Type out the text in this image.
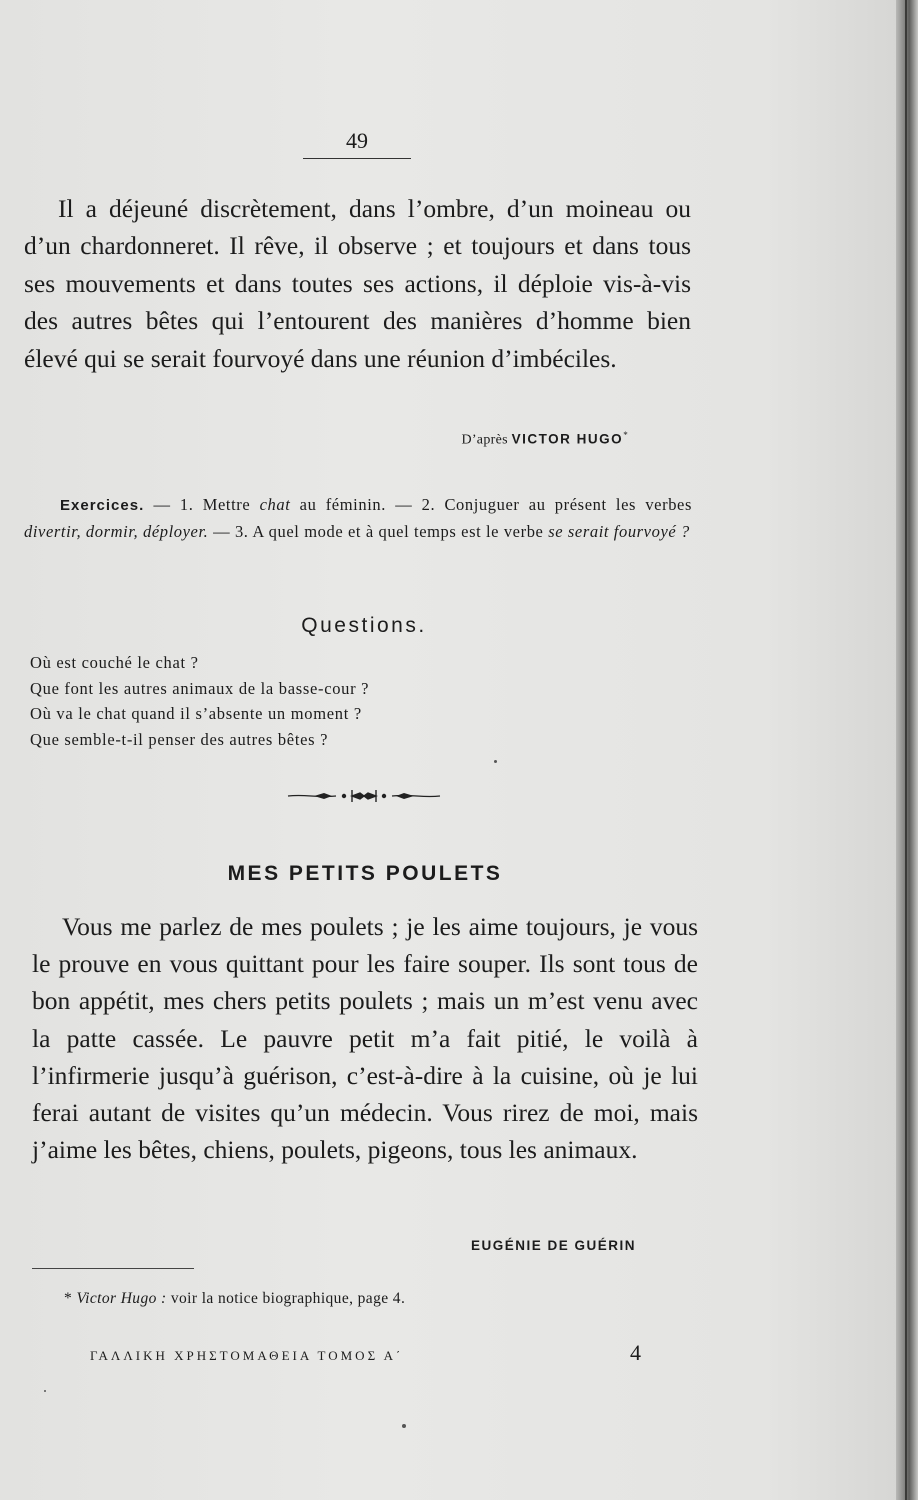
49
Il a déjeuné discrètement, dans l’ombre, d’un moineau ou d’un chardonneret. Il rêve, il observe ; et toujours et dans tous ses mouvements et dans toutes ses actions, il déploie vis-à-vis des autres bêtes qui l’entourent des manières d’homme bien élevé qui se serait fourvoyé dans une réunion d’imbéciles.
D’après VICTOR HUGO*
Exercices. — 1. Mettre chat au féminin. — 2. Conjuguer au présent les verbes divertir, dormir, déployer. — 3. A quel mode et à quel temps est le verbe se serait fourvoyé ?
Questions.
Où est couché le chat ?
Que font les autres animaux de la basse-cour ?
Où va le chat quand il s’absente un moment ?
Que semble-t-il penser des autres bêtes ?
MES PETITS POULETS
Vous me parlez de mes poulets ; je les aime toujours, je vous le prouve en vous quittant pour les faire souper. Ils sont tous de bon appétit, mes chers petits poulets ; mais un m’est venu avec la patte cassée. Le pauvre petit m’a fait pitié, le voilà à l’infirmerie jusqu’à guérison, c’est-à-dire à la cuisine, où je lui ferai autant de visites qu’un médecin. Vous rirez de moi, mais j’aime les bêtes, chiens, poulets, pigeons, tous les animaux.
EUGÉNIE DE GUÉRIN
* Victor Hugo : voir la notice biographique, page 4.
ΓΑΛΛΙΚΗ ΧΡΗΣΤΟΜΑΘΕΙΑ ΤΟΜΟΣ Α΄	4
